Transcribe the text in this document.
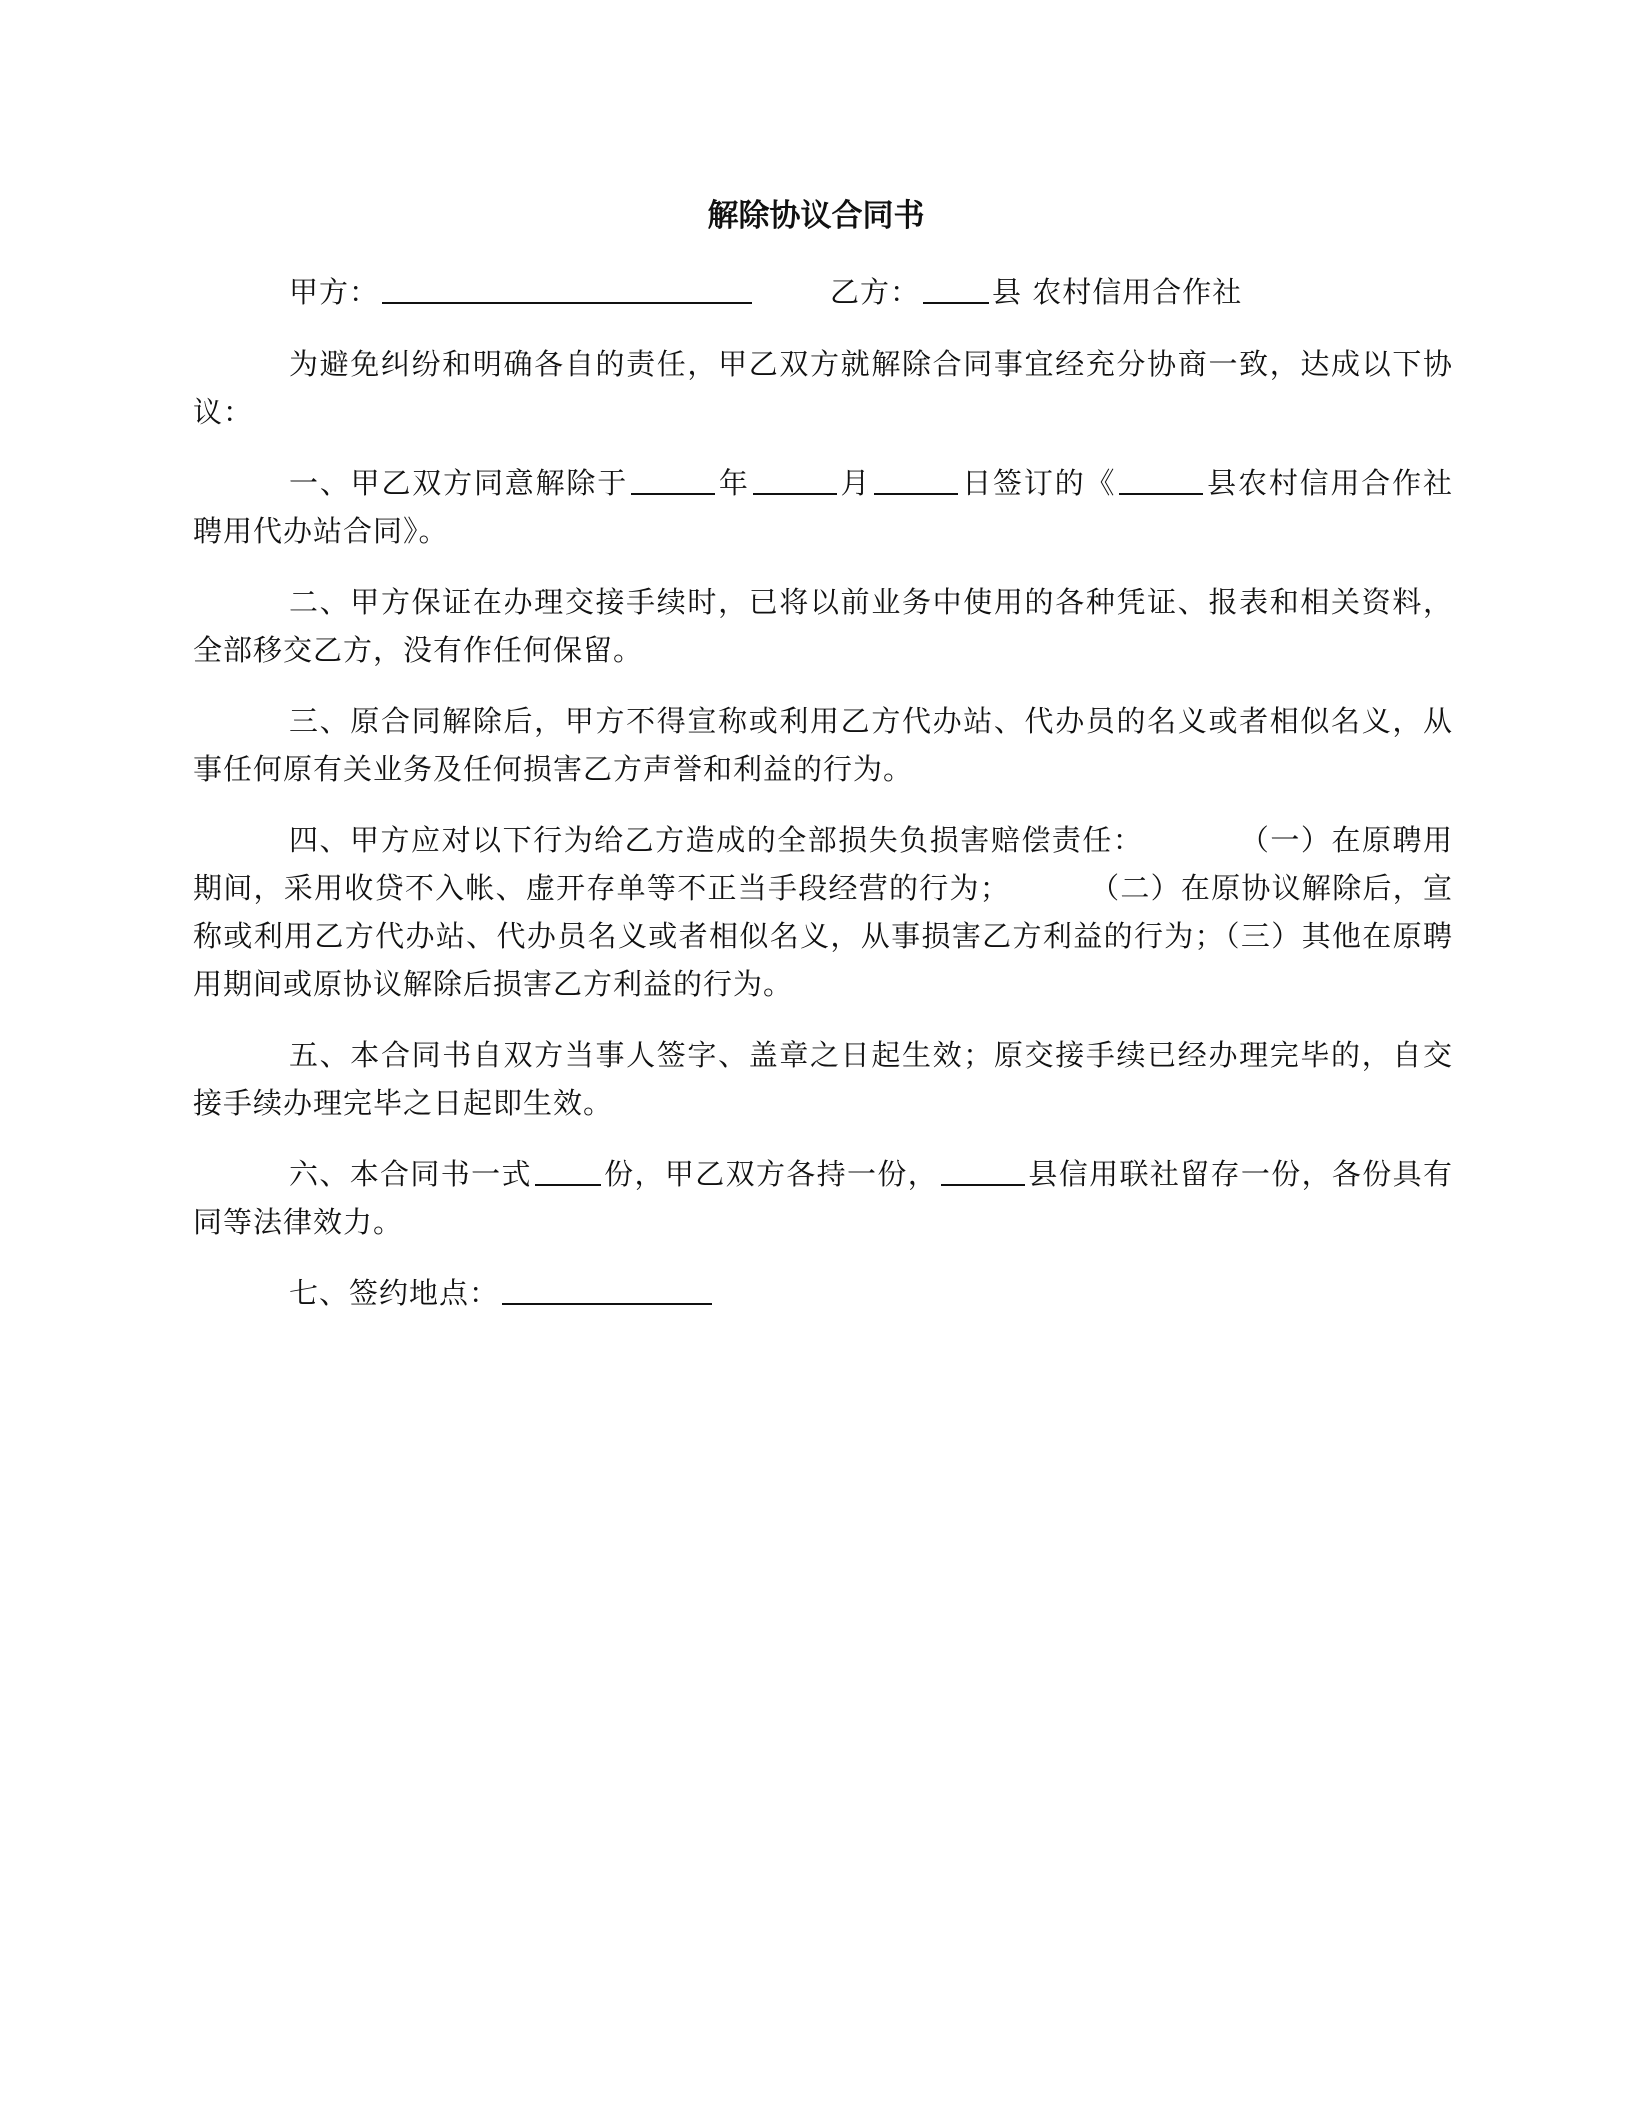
解除协议合同书
甲方：	乙方： 县 农村信用合作社

为避免纠纷和明确各自的责任，甲乙双方就解除合同事宜经充分协商一致，达成以下协议：

一、甲乙双方同意解除于	年	月	日签订的《	县农村信用合作社聘用代办站合同》。

二、甲方保证在办理交接手续时，已将以前业务中使用的各种凭证、报表和相关资料，全部移交乙方，没有作任何保留。

三、原合同解除后，甲方不得宣称或利用乙方代办站、代办员的名义或者相似名义，从事任何原有关业务及任何损害乙方声誉和利益的行为。

四、甲方应对以下行为给乙方造成的全部损失负损害赔偿责任：	（一）在原聘用期间，采用收贷不入帐、虚开存单等不正当手段经营的行为；	（二）在原协议解除后，宣称或利用乙方代办站、代办员名义或者相似名义，从事损害乙方利益的行为；（三）其他在原聘用期间或原协议解除后损害乙方利益的行为。

五、本合同书自双方当事人签字、盖章之日起生效；原交接手续已经办理完毕的，自交接手续办理完毕之日起即生效。

六、本合同书一式 份，甲乙双方各持一份，	县信用联社留存一份，各份具有同等法律效力。

七、签约地点：
